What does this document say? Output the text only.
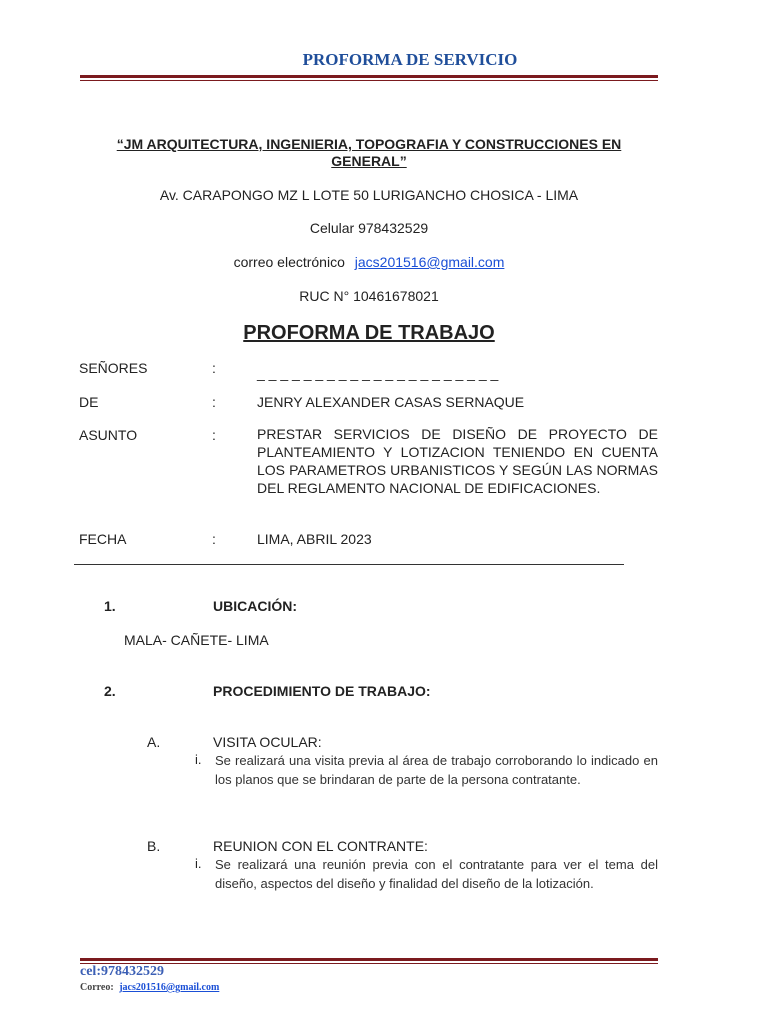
PROFORMA DE SERVICIO
“JM ARQUITECTURA, INGENIERIA, TOPOGRAFIA Y CONSTRUCCIONES EN GENERAL”
Av. CARAPONGO MZ L LOTE 50 LURIGANCHO CHOSICA - LIMA
Celular 978432529
correo electrónico jacs201516@gmail.com
RUC N° 10461678021
PROFORMA DE TRABAJO
SEÑORES	:	_ _ _ _ _ _ _ _ _ _ _ _ _ _ _ _ _ _ _ _ _
DE	:	JENRY ALEXANDER CASAS SERNAQUE
ASUNTO	:	PRESTAR SERVICIOS DE DISEÑO DE PROYECTO DE PLANTEAMIENTO Y LOTIZACION TENIENDO EN CUENTA LOS PARAMETROS URBANISTICOS Y SEGÚN LAS NORMAS DEL REGLAMENTO NACIONAL DE EDIFICACIONES.
FECHA	:	LIMA, ABRIL 2023
1.	UBICACIÓN:
MALA- CAÑETE- LIMA
2.	PROCEDIMIENTO DE TRABAJO:
A.	VISITA OCULAR:
i. Se realizará una visita previa al área de trabajo corroborando lo indicado en los planos que se brindaran de parte de la persona contratante.
B.	REUNION CON EL CONTRANTE:
i. Se realizará una reunión previa con el contratante para ver el tema del diseño, aspectos del diseño y finalidad del diseño de la lotización.
cel:978432529
Correo: jacs201516@gmail.com
